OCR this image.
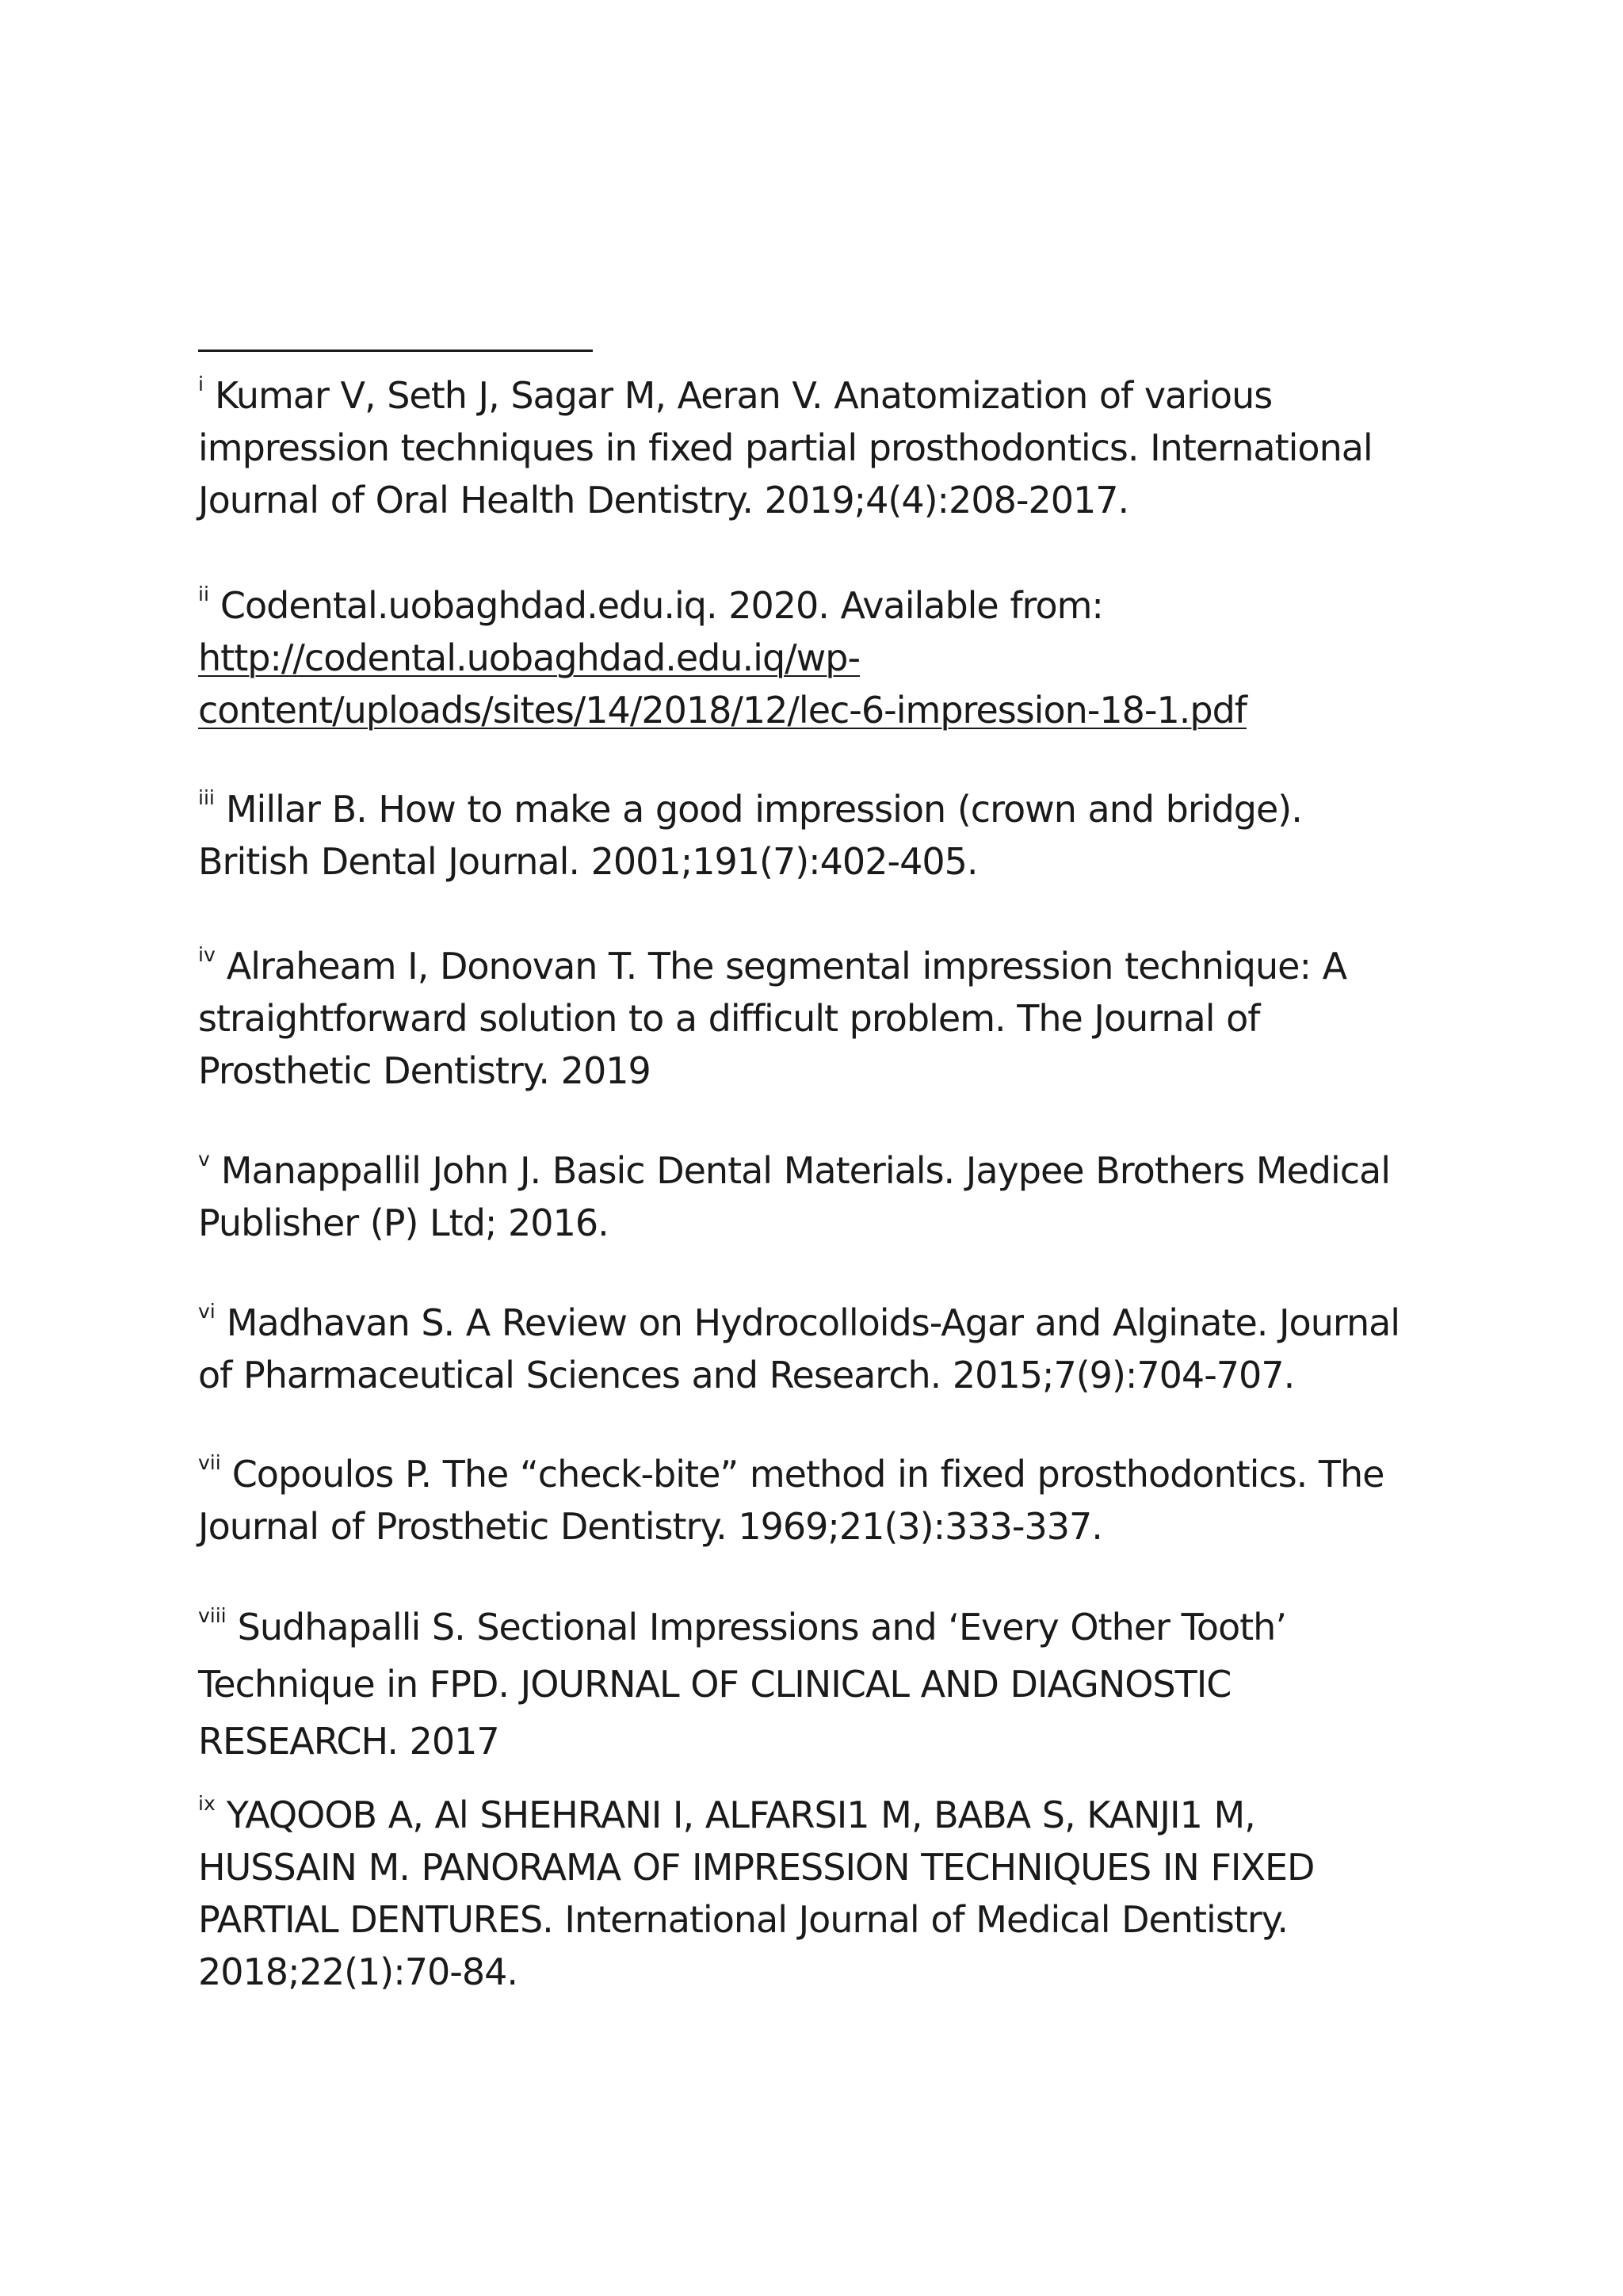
$^i$ Kumar V, Seth J, Sagar M, Aeran V. Anatomization of various
impression techniques in fixed partial prosthodontics. International
Journal of Oral Health Dentistry. 2019;4(4):208-2017.
$^{ii}$ Codental.uobaghdad.edu.iq. 2020. Available from:
http://codental.uobaghdad.edu.iq/wp-
content/uploads/sites/14/2018/12/lec-6-impression-18-1.pdf
$^{iii}$ Millar B. How to make a good impression (crown and bridge).
British Dental Journal. 2001;191(7):402-405.
$^{iv}$ Alraheam I, Donovan T. The segmental impression technique: A
straightforward solution to a difficult problem. The Journal of
Prosthetic Dentistry. 2019
$^v$ Manappallil John J. Basic Dental Materials. Jaypee Brothers Medical
Publisher (P) Ltd; 2016.
$^{vi}$ Madhavan S. A Review on Hydrocolloids-Agar and Alginate. Journal
of Pharmaceutical Sciences and Research. 2015;7(9):704-707.
$^{vii}$ Copoulos P. The “check-bite” method in fixed prosthodontics. The
Journal of Prosthetic Dentistry. 1969;21(3):333-337.
$^{viii}$ Sudhapalli S. Sectional Impressions and ‘Every Other Tooth’
Technique in FPD. JOURNAL OF CLINICAL AND DIAGNOSTIC
RESEARCH. 2017
$^{ix}$ YAQOOB A, Al SHEHRANI I, ALFARSI1 M, BABA S, KANJI1 M,
HUSSAIN M. PANORAMA OF IMPRESSION TECHNIQUES IN FIXED
PARTIAL DENTURES. International Journal of Medical Dentistry.
2018;22(1):70-84.
